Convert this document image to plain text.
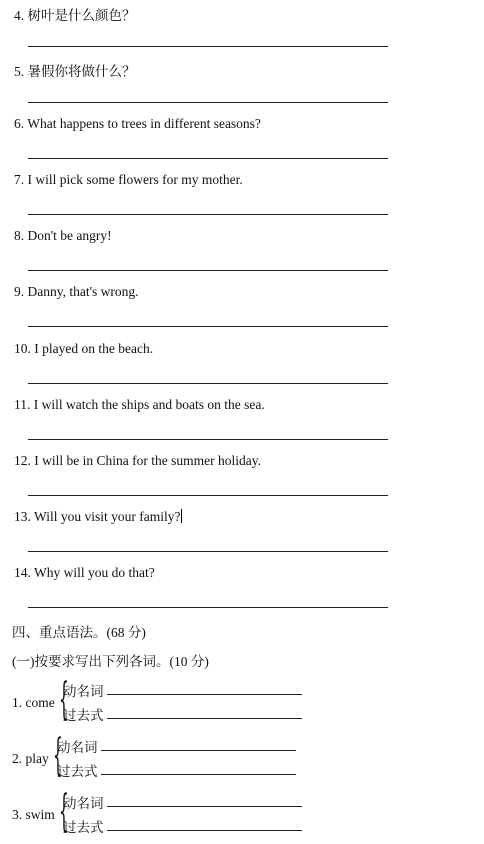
4. 树叶是什么颜色？
5. 暑假你将做什么？
6. What happens to trees in different seasons?
7. I will pick some flowers for my mother.
8. Don't be angry!
9. Danny, that's wrong.
10. I played on the beach.
11. I will watch the ships and boats on the sea.
12. I will be in China for the summer holiday.
13. Will you visit your family?
14. Why will you do that?
四、重点语法。(68 分)
(一)按要求写出下列各词。(10 分)
1. come {
动名词
过去式
2. play {
动名词
过去式
3. swim {
动名词
过去式
